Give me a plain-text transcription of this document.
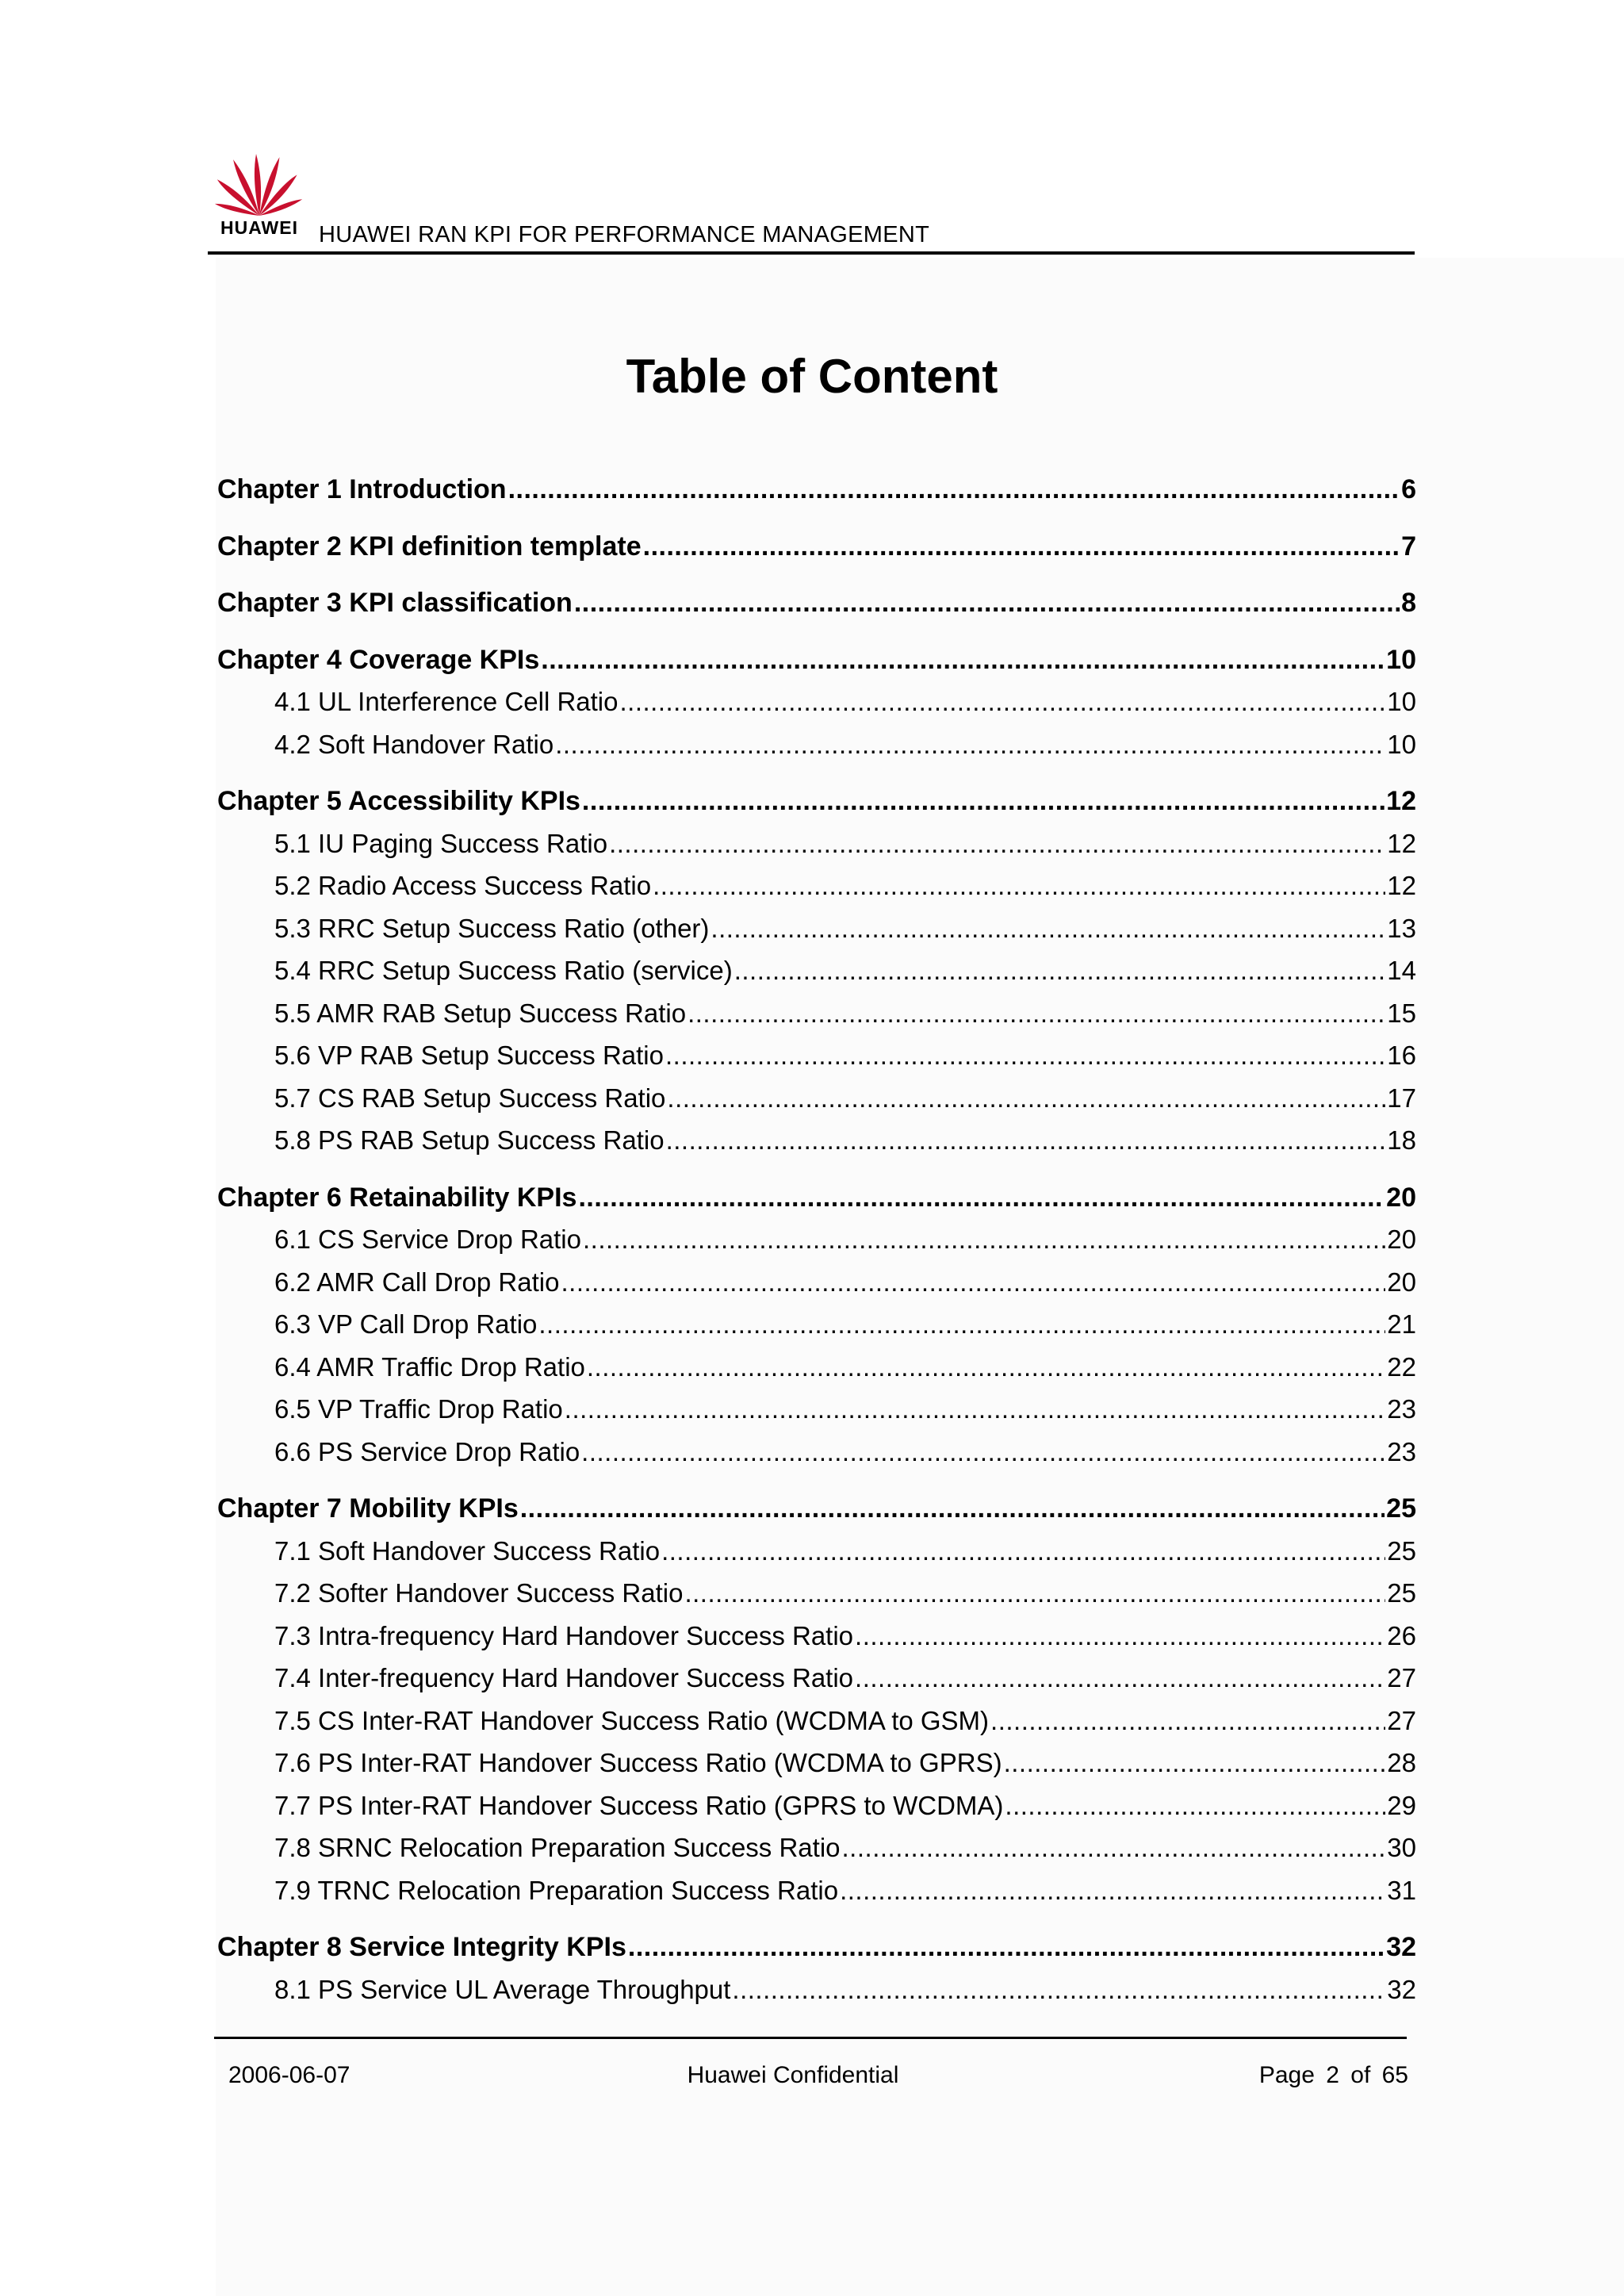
HUAWEI HUAWEI RAN KPI FOR PERFORMANCE MANAGEMENT
Table of Content
Chapter 1 Introduction .....	6
Chapter 2 KPI definition template .....	7
Chapter 3 KPI classification .....	8
Chapter 4 Coverage KPIs .....	10
4.1 UL Interference Cell Ratio .....	10
4.2 Soft Handover Ratio .....	10
Chapter 5 Accessibility KPIs .....	12
5.1 IU Paging Success Ratio .....	12
5.2 Radio Access Success Ratio .....	12
5.3 RRC Setup Success Ratio (other) .....	13
5.4 RRC Setup Success Ratio (service) .....	14
5.5 AMR RAB Setup Success Ratio .....	15
5.6 VP RAB Setup Success Ratio .....	16
5.7 CS RAB Setup Success Ratio .....	17
5.8 PS RAB Setup Success Ratio .....	18
Chapter 6 Retainability KPIs .....	20
6.1 CS Service Drop Ratio .....	20
6.2 AMR Call Drop Ratio .....	20
6.3 VP Call Drop Ratio .....	21
6.4 AMR Traffic Drop Ratio .....	22
6.5 VP Traffic Drop Ratio .....	23
6.6 PS Service Drop Ratio .....	23
Chapter 7 Mobility KPIs .....	25
7.1 Soft Handover Success Ratio .....	25
7.2 Softer Handover Success Ratio .....	25
7.3 Intra-frequency Hard Handover Success Ratio .....	26
7.4 Inter-frequency Hard Handover Success Ratio .....	27
7.5 CS Inter-RAT Handover Success Ratio (WCDMA to GSM) .....	27
7.6 PS Inter-RAT Handover Success Ratio (WCDMA to GPRS) .....	28
7.7 PS Inter-RAT Handover Success Ratio (GPRS to WCDMA) .....	29
7.8 SRNC Relocation Preparation Success Ratio .....	30
7.9 TRNC Relocation Preparation Success Ratio .....	31
Chapter 8 Service Integrity KPIs .....	32
8.1 PS Service UL Average Throughput .....	32
2006-06-07	Huawei Confidential	Page 2 of 65
